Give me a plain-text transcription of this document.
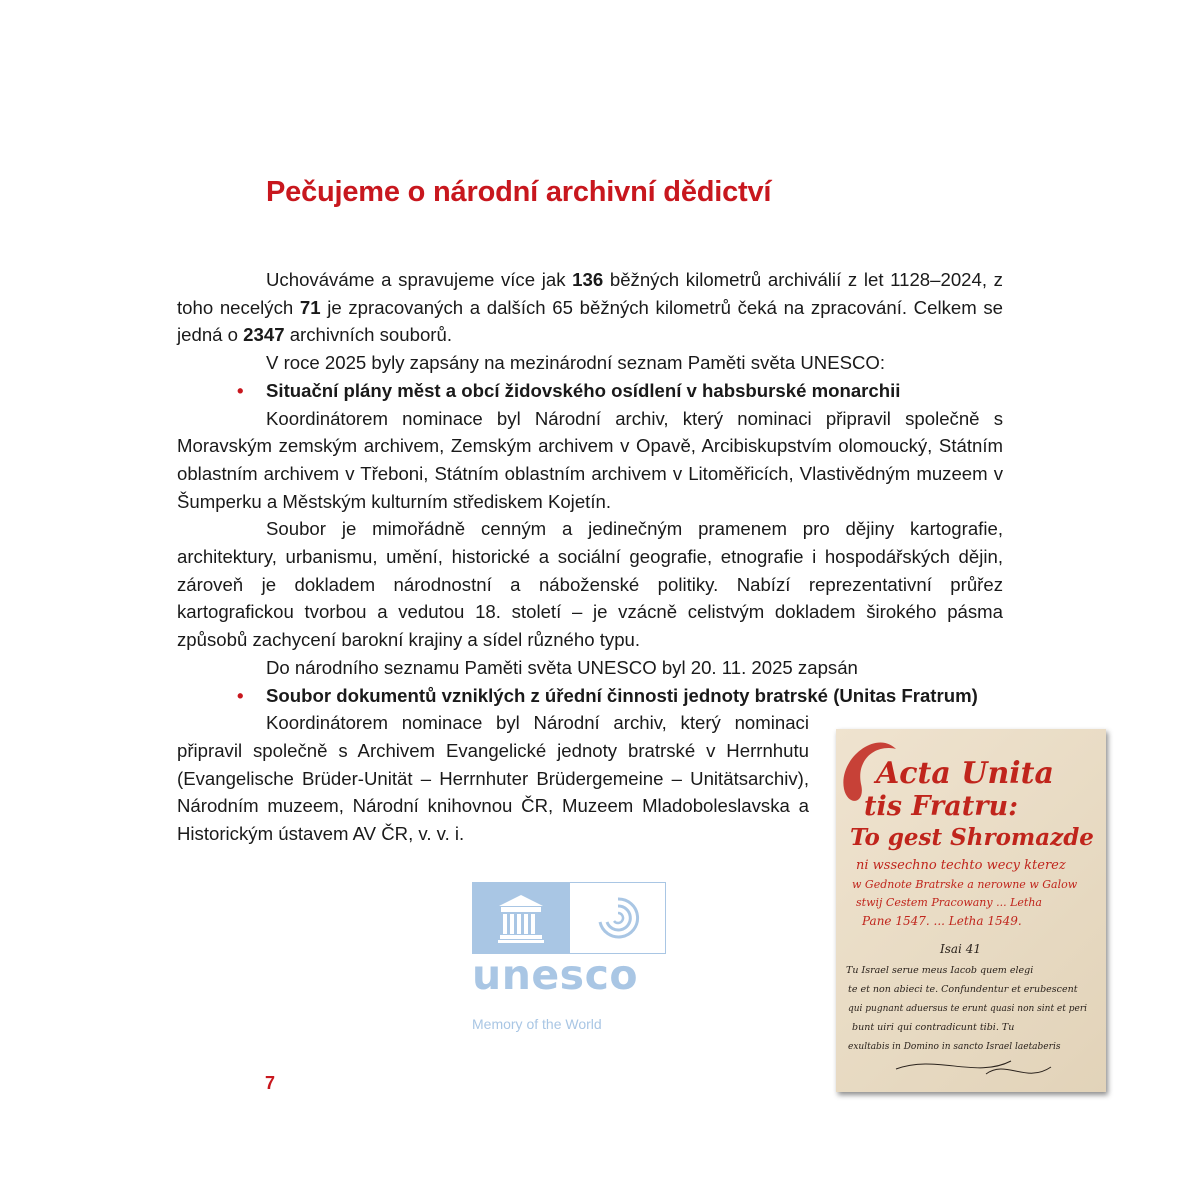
Pečujeme o národní archivní dědictví

Uchováváme a spravujeme více jak 136 běžných kilometrů archiválií z let 1128–2024, z toho necelých 71 je zpracovaných a dalších 65 běžných kilometrů čeká na zpracování. Celkem se jedná o 2347 archivních souborů.

V roce 2025 byly zapsány na mezinárodní seznam Paměti světa UNESCO:

• Situační plány měst a obcí židovského osídlení v habsburské monarchii

Koordinátorem nominace byl Národní archiv, který nominaci připravil společně s Moravským zemským archivem, Zemským archivem v Opavě, Arcibiskupstvím olomoucký, Státním oblastním archivem v Třeboni, Státním oblastním archivem v Litoměřicích, Vlastivědným muzeem v Šumperku a Městským kulturním střediskem Kojetín.

Soubor je mimořádně cenným a jedinečným pramenem pro dějiny kartografie, architektury, urbanismu, umění, historické a sociální geografie, etnografie i hospodářských dějin, zároveň je dokladem národnostní a náboženské politiky. Nabízí reprezentativní průřez kartografickou tvorbou a vedutou 18. století – je vzácně celistvým dokladem širokého pásma způsobů zachycení barokní krajiny a sídel různého typu.

Do národního seznamu Paměti světa UNESCO byl 20. 11. 2025 zapsán

• Soubor dokumentů vzniklých z úřední činnosti jednoty bratrské (Unitas Fratrum)

Koordinátorem nominace byl Národní archiv, který nominaci připravil společně s Archivem Evangelické jednoty bratrské v Herrnhutu (Evangelische Brüder-Unität – Herrnhuter Brüdergemeine – Unitätsarchiv), Národním muzeem, Národní knihovnou ČR, Muzeem Mladoboleslavska a Historickým ústavem AV ČR, v. v. i.

unesco
Memory of the World
Acta Unita
tis Fratru:
To gest Shromazde
ni wssechno techto wecy kterez
w Gednote Bratrske a nerowne w Galow
stwij Cestem Pracowany ... Letha
Pane 1547. ... Letha 1549.
Isai 41
Tu Israel serue meus Iacob quem elegi
te et non abieci te. Confundentur et erubescent
qui pugnant aduersus te erunt quasi non sint et peri
bunt uiri qui contradicunt tibi. Tu
exultabis in Domino in sancto Israel laetaberis
7
